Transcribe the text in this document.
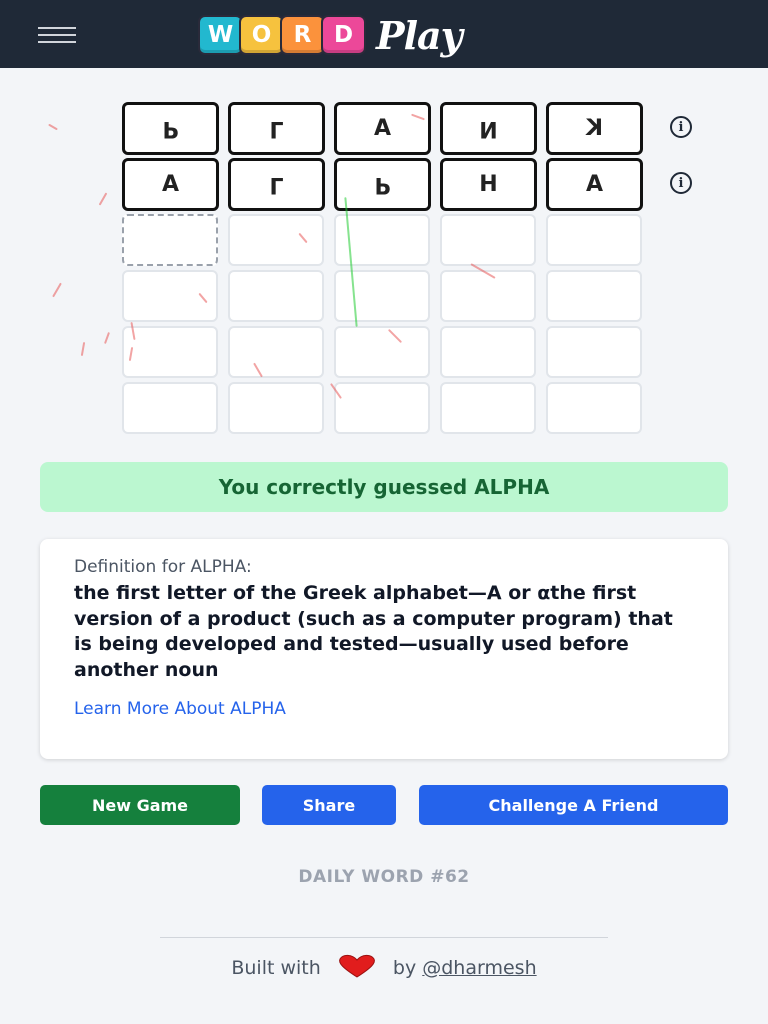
W O R D Play
P	L	A	N	K	i
A	L	P	H	A	i
You correctly guessed ALPHA

Definition for ALPHA:

the first letter of the Greek alphabet—Α or αthe first version of a product (such as a computer program) that is being developed and tested—usually used before another noun
Learn More About ALPHA
New Game	Share	Challenge A Friend
DAILY WORD #62
Built with	by @dharmesh
